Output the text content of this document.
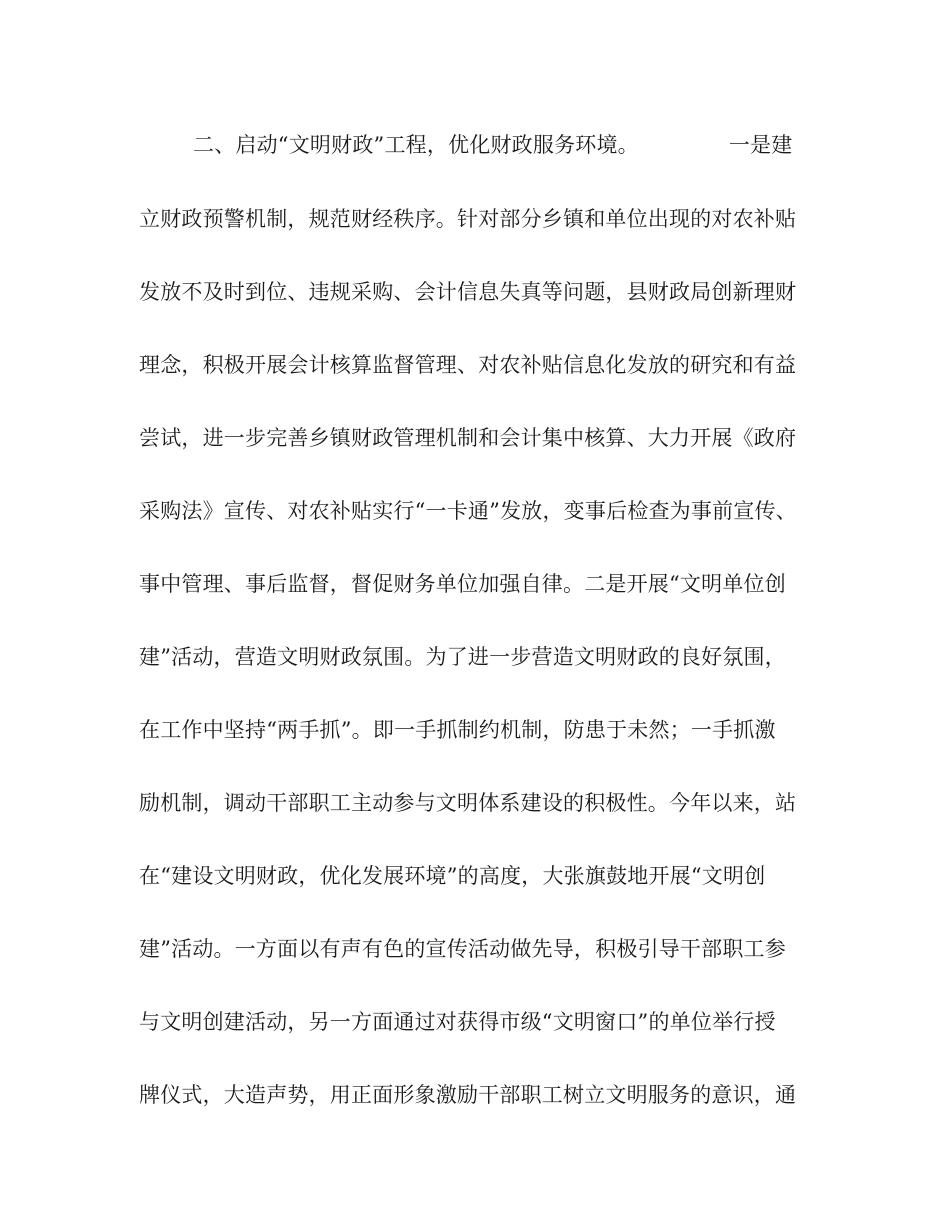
二、启动“文明财政”工程，优化财政服务环境。	一是建
立财政预警机制，规范财经秩序。针对部分乡镇和单位出现的对农补贴
发放不及时到位、违规采购、会计信息失真等问题，县财政局创新理财
理念，积极开展会计核算监督管理、对农补贴信息化发放的研究和有益
尝试，进一步完善乡镇财政管理机制和会计集中核算、大力开展《政府
采购法》宣传、对农补贴实行“一卡通”发放，变事后检查为事前宣传、
事中管理、事后监督，督促财务单位加强自律。二是开展“文明单位创
建”活动，营造文明财政氛围。为了进一步营造文明财政的良好氛围，
在工作中坚持“两手抓”。即一手抓制约机制，防患于未然；一手抓激
励机制，调动干部职工主动参与文明体系建设的积极性。今年以来，站
在“建设文明财政，优化发展环境”的高度，大张旗鼓地开展“文明创
建”活动。一方面以有声有色的宣传活动做先导，积极引导干部职工参
与文明创建活动，另一方面通过对获得市级“文明窗口”的单位举行授
牌仪式，大造声势，用正面形象激励干部职工树立文明服务的意识，通
